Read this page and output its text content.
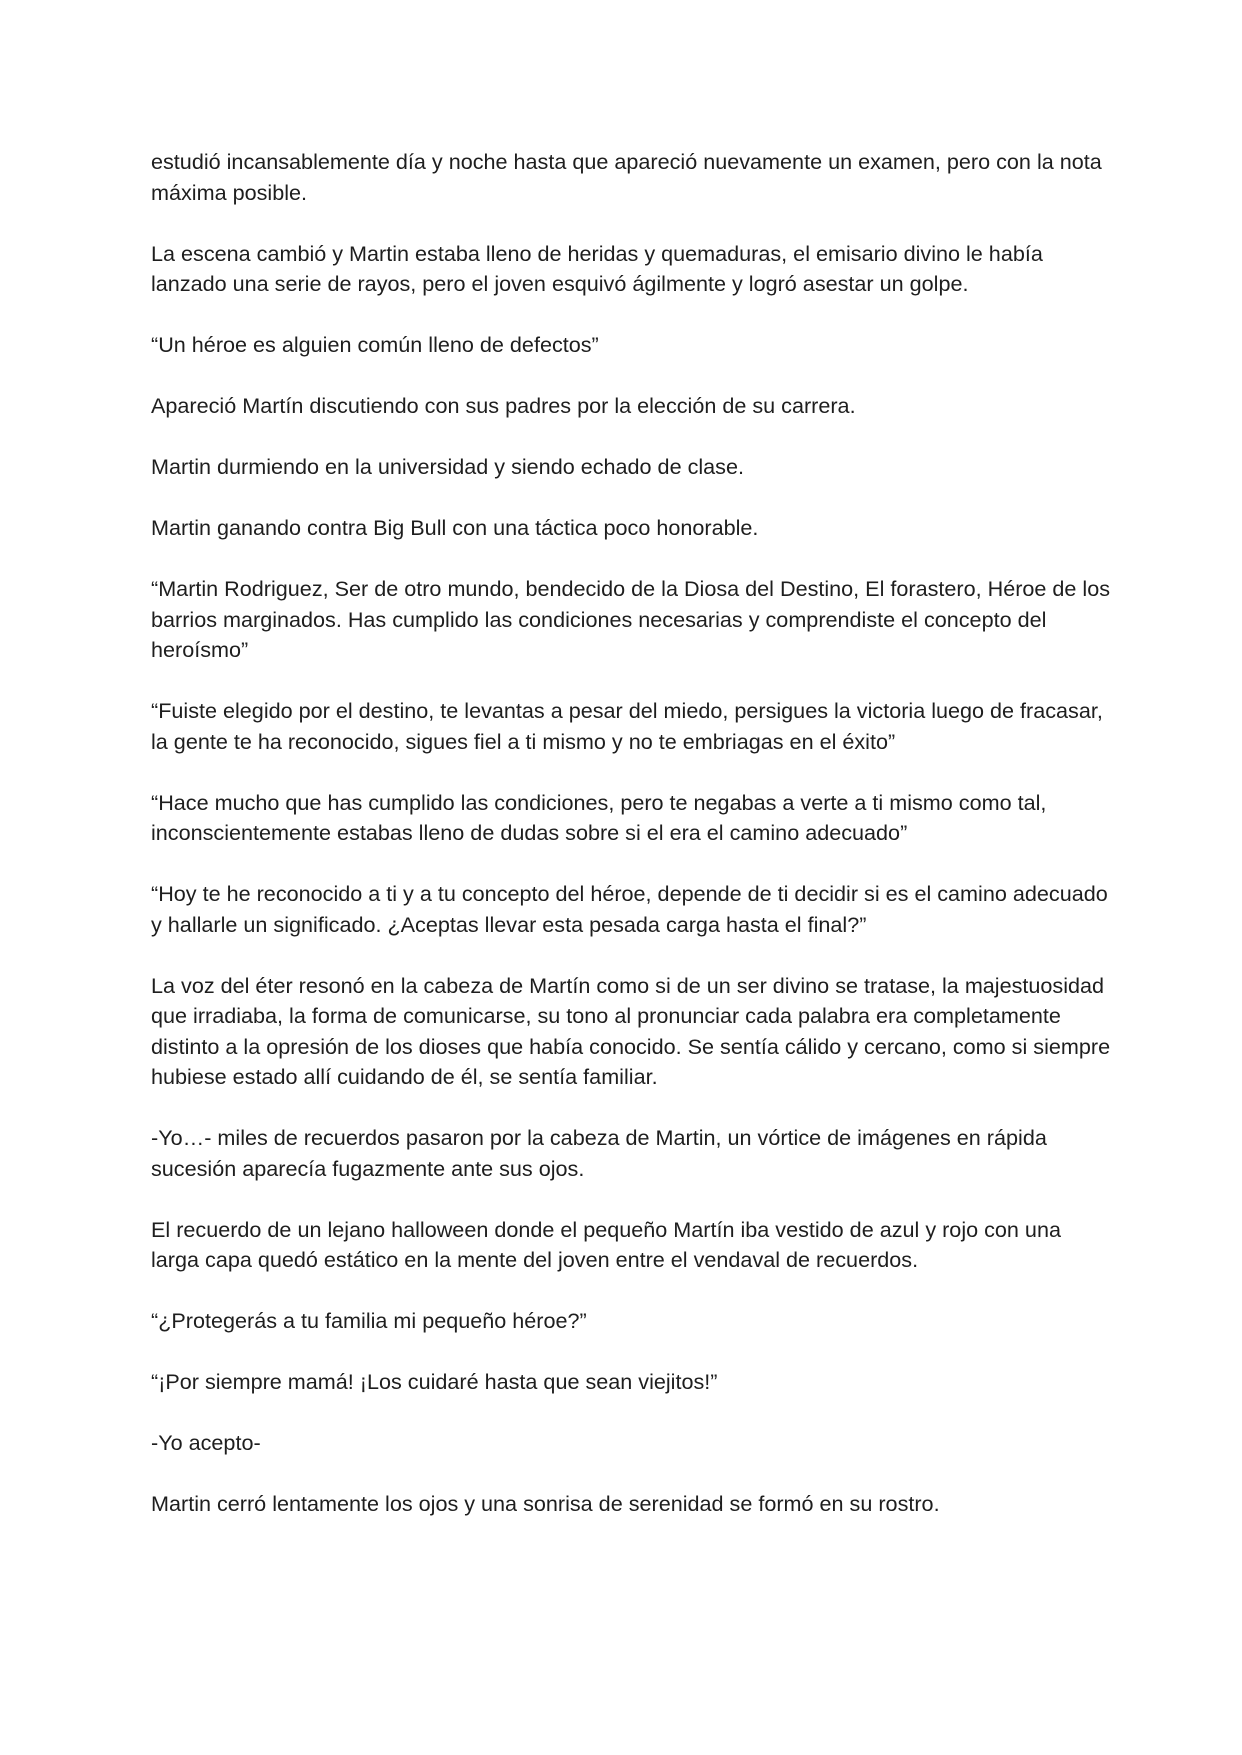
estudió incansablemente día y noche hasta que apareció nuevamente un examen, pero con la nota máxima posible.

La escena cambió y Martin estaba lleno de heridas y quemaduras, el emisario divino le había lanzado una serie de rayos, pero el joven esquivó ágilmente y logró asestar un golpe.

“Un héroe es alguien común lleno de defectos”

Apareció Martín discutiendo con sus padres por la elección de su carrera.

Martin durmiendo en la universidad y siendo echado de clase.

Martin ganando contra Big Bull con una táctica poco honorable.

“Martin Rodriguez, Ser de otro mundo, bendecido de la Diosa del Destino, El forastero, Héroe de los barrios marginados. Has cumplido las condiciones necesarias y comprendiste el concepto del heroísmo”

“Fuiste elegido por el destino, te levantas a pesar del miedo, persigues la victoria luego de fracasar, la gente te ha reconocido, sigues fiel a ti mismo y no te embriagas en el éxito”

“Hace mucho que has cumplido las condiciones, pero te negabas a verte a ti mismo como tal, inconscientemente estabas lleno de dudas sobre si el era el camino adecuado”

“Hoy te he reconocido a ti y a tu concepto del héroe, depende de ti decidir si es el camino adecuado y hallarle un significado. ¿Aceptas llevar esta pesada carga hasta el final?”

La voz del éter resonó en la cabeza de Martín como si de un ser divino se tratase, la majestuosidad que irradiaba, la forma de comunicarse, su tono al pronunciar cada palabra era completamente distinto a la opresión de los dioses que había conocido. Se sentía cálido y cercano, como si siempre hubiese estado allí cuidando de él, se sentía familiar.

-Yo…- miles de recuerdos pasaron por la cabeza de Martin, un vórtice de imágenes en rápida sucesión aparecía fugazmente ante sus ojos.

El recuerdo de un lejano halloween donde el pequeño Martín iba vestido de azul y rojo con una larga capa quedó estático en la mente del joven entre el vendaval de recuerdos.

“¿Protegerás a tu familia mi pequeño héroe?”

“¡Por siempre mamá! ¡Los cuidaré hasta que sean viejitos!”

-Yo acepto-

Martin cerró lentamente los ojos y una sonrisa de serenidad se formó en su rostro.
